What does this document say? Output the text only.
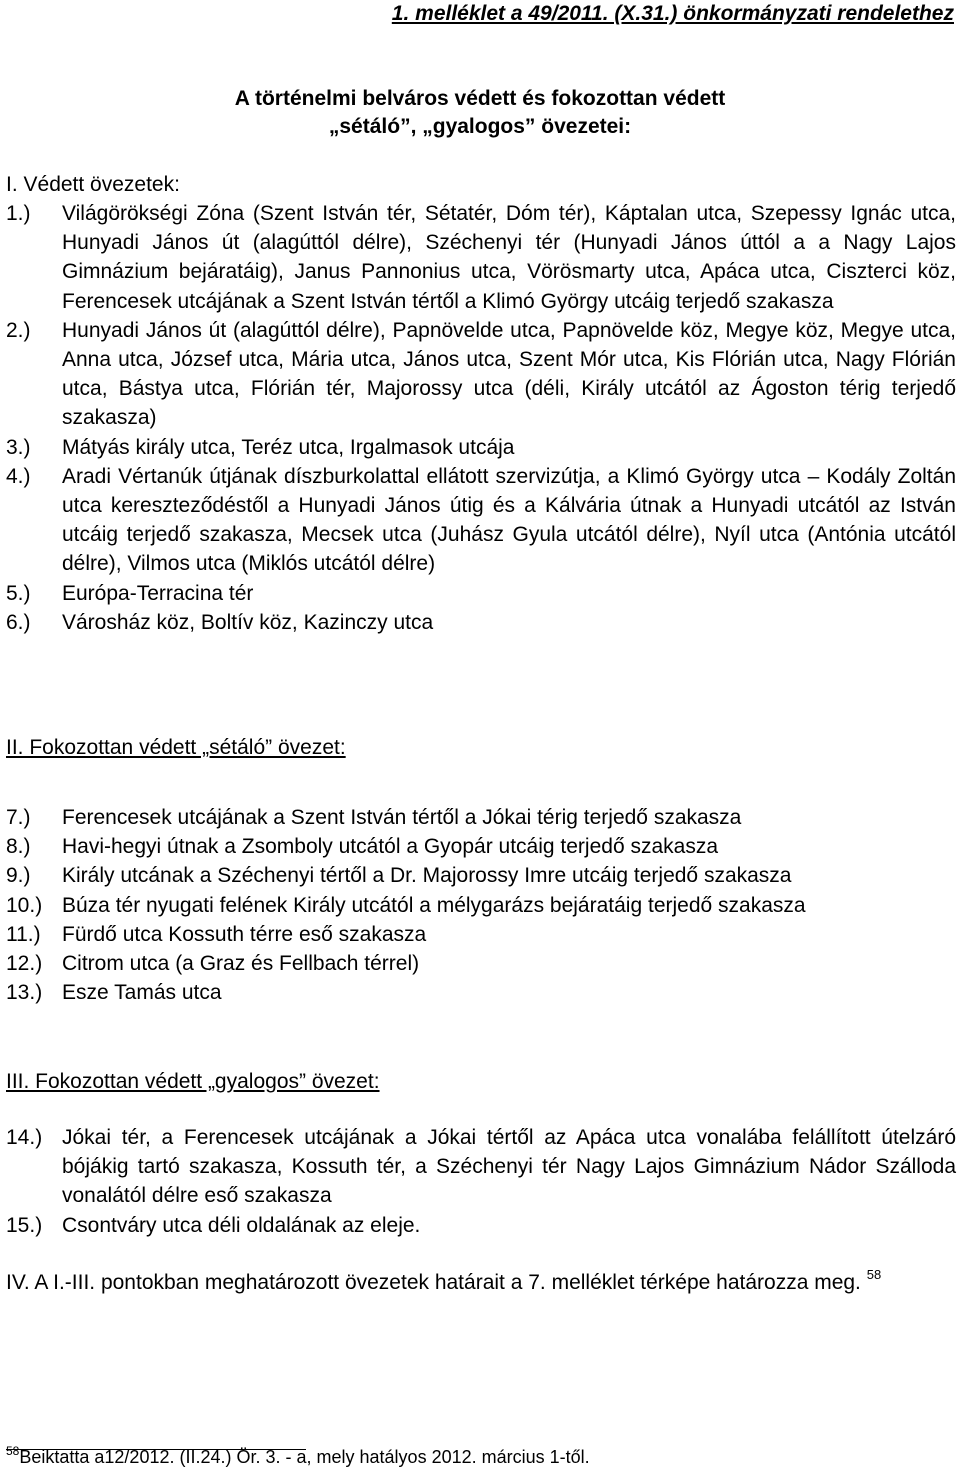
1. melléklet a 49/2011. (X.31.) önkormányzati rendelethez
A történelmi belváros védett és fokozottan védett
„sétáló”, „gyalogos” övezetei:
I. Védett övezetek:
1.) Világörökségi Zóna (Szent István tér, Sétatér, Dóm tér), Káptalan utca, Szepessy Ignác utca, Hunyadi János út (alagúttól délre), Széchenyi tér (Hunyadi János úttól a a Nagy Lajos Gimnázium bejáratáig), Janus Pannonius utca, Vörösmarty utca, Apáca utca, Ciszterci köz, Ferencesek utcájának a Szent István tértől a Klimó György utcáig terjedő szakasza
2.) Hunyadi János út (alagúttól délre), Papnövelde utca, Papnövelde köz, Megye köz, Megye utca, Anna utca, József utca, Mária utca, János utca, Szent Mór utca, Kis Flórián utca, Nagy Flórián utca, Bástya utca, Flórián tér, Majorossy utca (déli, Király utcától az Ágoston térig terjedő szakasza)
3.) Mátyás király utca, Teréz utca, Irgalmasok utcája
4.) Aradi Vértanúk útjának díszburkolattal ellátott szervizútja, a Klimó György utca – Kodály Zoltán utca kereszteződéstől a Hunyadi János útig és a Kálvária útnak a Hunyadi utcától az István utcáig terjedő szakasza, Mecsek utca (Juhász Gyula utcától délre), Nyíl utca (Antónia utcától délre), Vilmos utca (Miklós utcától délre)
5.) Európa-Terracina tér
6.) Városház köz, Boltív köz, Kazinczy utca
II. Fokozottan védett „sétáló” övezet:
7.) Ferencesek utcájának a Szent István tértől a Jókai térig terjedő szakasza
8.) Havi-hegyi útnak a Zsomboly utcától a Gyopár utcáig terjedő szakasza
9.) Király utcának a Széchenyi tértől a Dr. Majorossy Imre utcáig terjedő szakasza
10.) Búza tér nyugati felének Király utcától a mélygarázs bejáratáig terjedő szakasza
11.) Fürdő utca Kossuth térre eső szakasza
12.) Citrom utca (a Graz és Fellbach térrel)
13.) Esze Tamás utca
III. Fokozottan védett „gyalogos” övezet:
14.) Jókai tér, a Ferencesek utcájának a Jókai tértől az Apáca utca vonalába felállított útelzáró bójákig tartó szakasza, Kossuth tér, a Széchenyi tér Nagy Lajos Gimnázium Nádor Szálloda vonalától délre eső szakasza
15.) Csontváry utca déli oldalának az eleje.
IV. A I.-III. pontokban meghatározott övezetek határait a 7. melléklet térképe határozza meg. $^{58}$
$^{58}$Beiktatta a12/2012. (II.24.) Ör. 3. - a, mely hatályos 2012. március 1-től.
